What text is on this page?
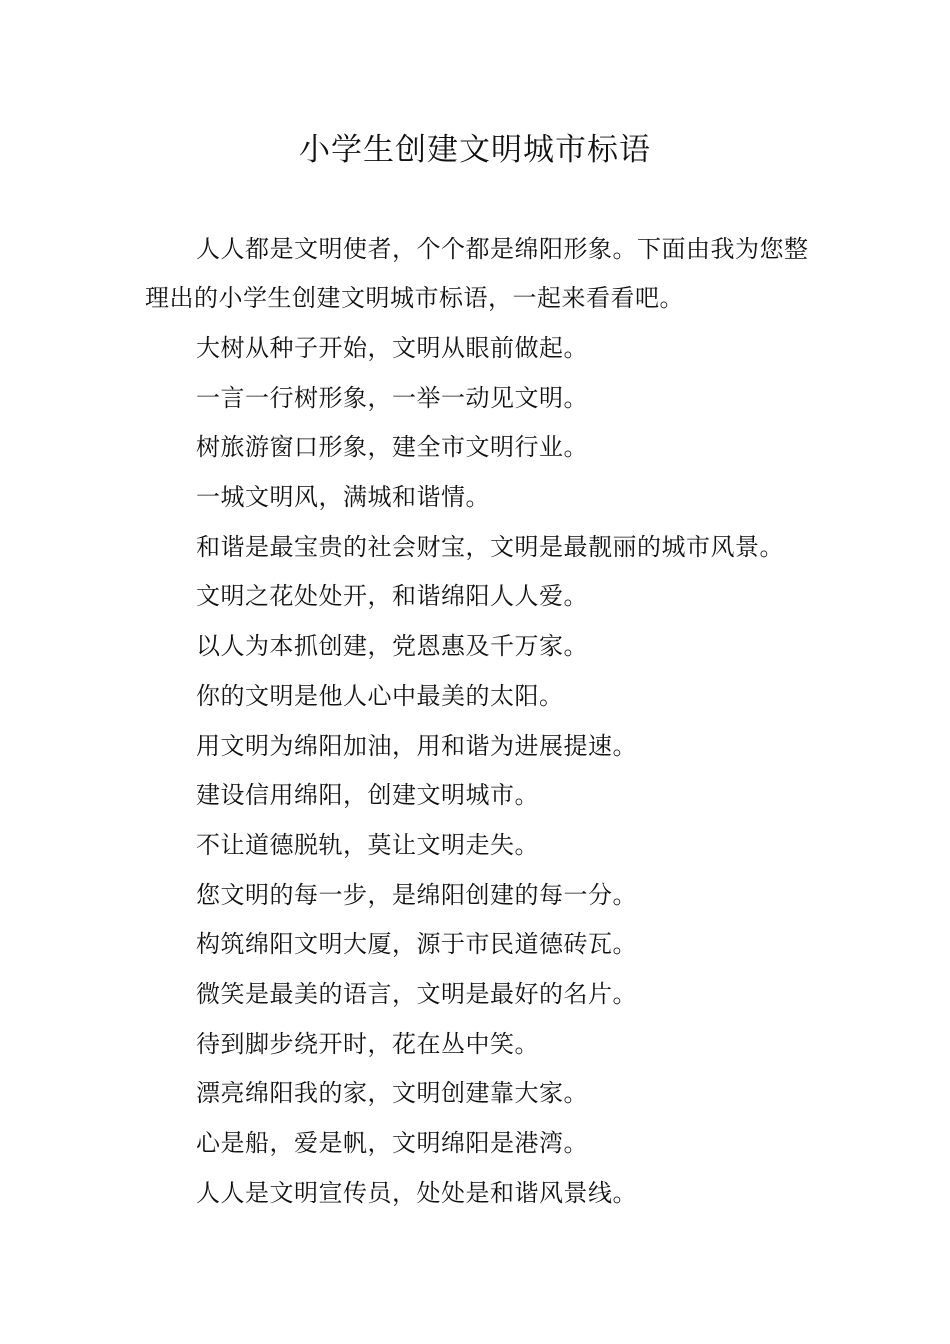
小学生创建文明城市标语

人人都是文明使者，个个都是绵阳形象。下面由我为您整理出的小学生创建文明城市标语，一起来看看吧。

大树从种子开始，文明从眼前做起。
一言一行树形象，一举一动见文明。
树旅游窗口形象，建全市文明行业。
一城文明风，满城和谐情。
和谐是最宝贵的社会财宝，文明是最靓丽的城市风景。
文明之花处处开，和谐绵阳人人爱。
以人为本抓创建，党恩惠及千万家。
你的文明是他人心中最美的太阳。
用文明为绵阳加油，用和谐为进展提速。
建设信用绵阳，创建文明城市。
不让道德脱轨，莫让文明走失。
您文明的每一步，是绵阳创建的每一分。
构筑绵阳文明大厦，源于市民道德砖瓦。
微笑是最美的语言，文明是最好的名片。
待到脚步绕开时，花在丛中笑。
漂亮绵阳我的家，文明创建靠大家。
心是船，爱是帆，文明绵阳是港湾。
人人是文明宣传员，处处是和谐风景线。
